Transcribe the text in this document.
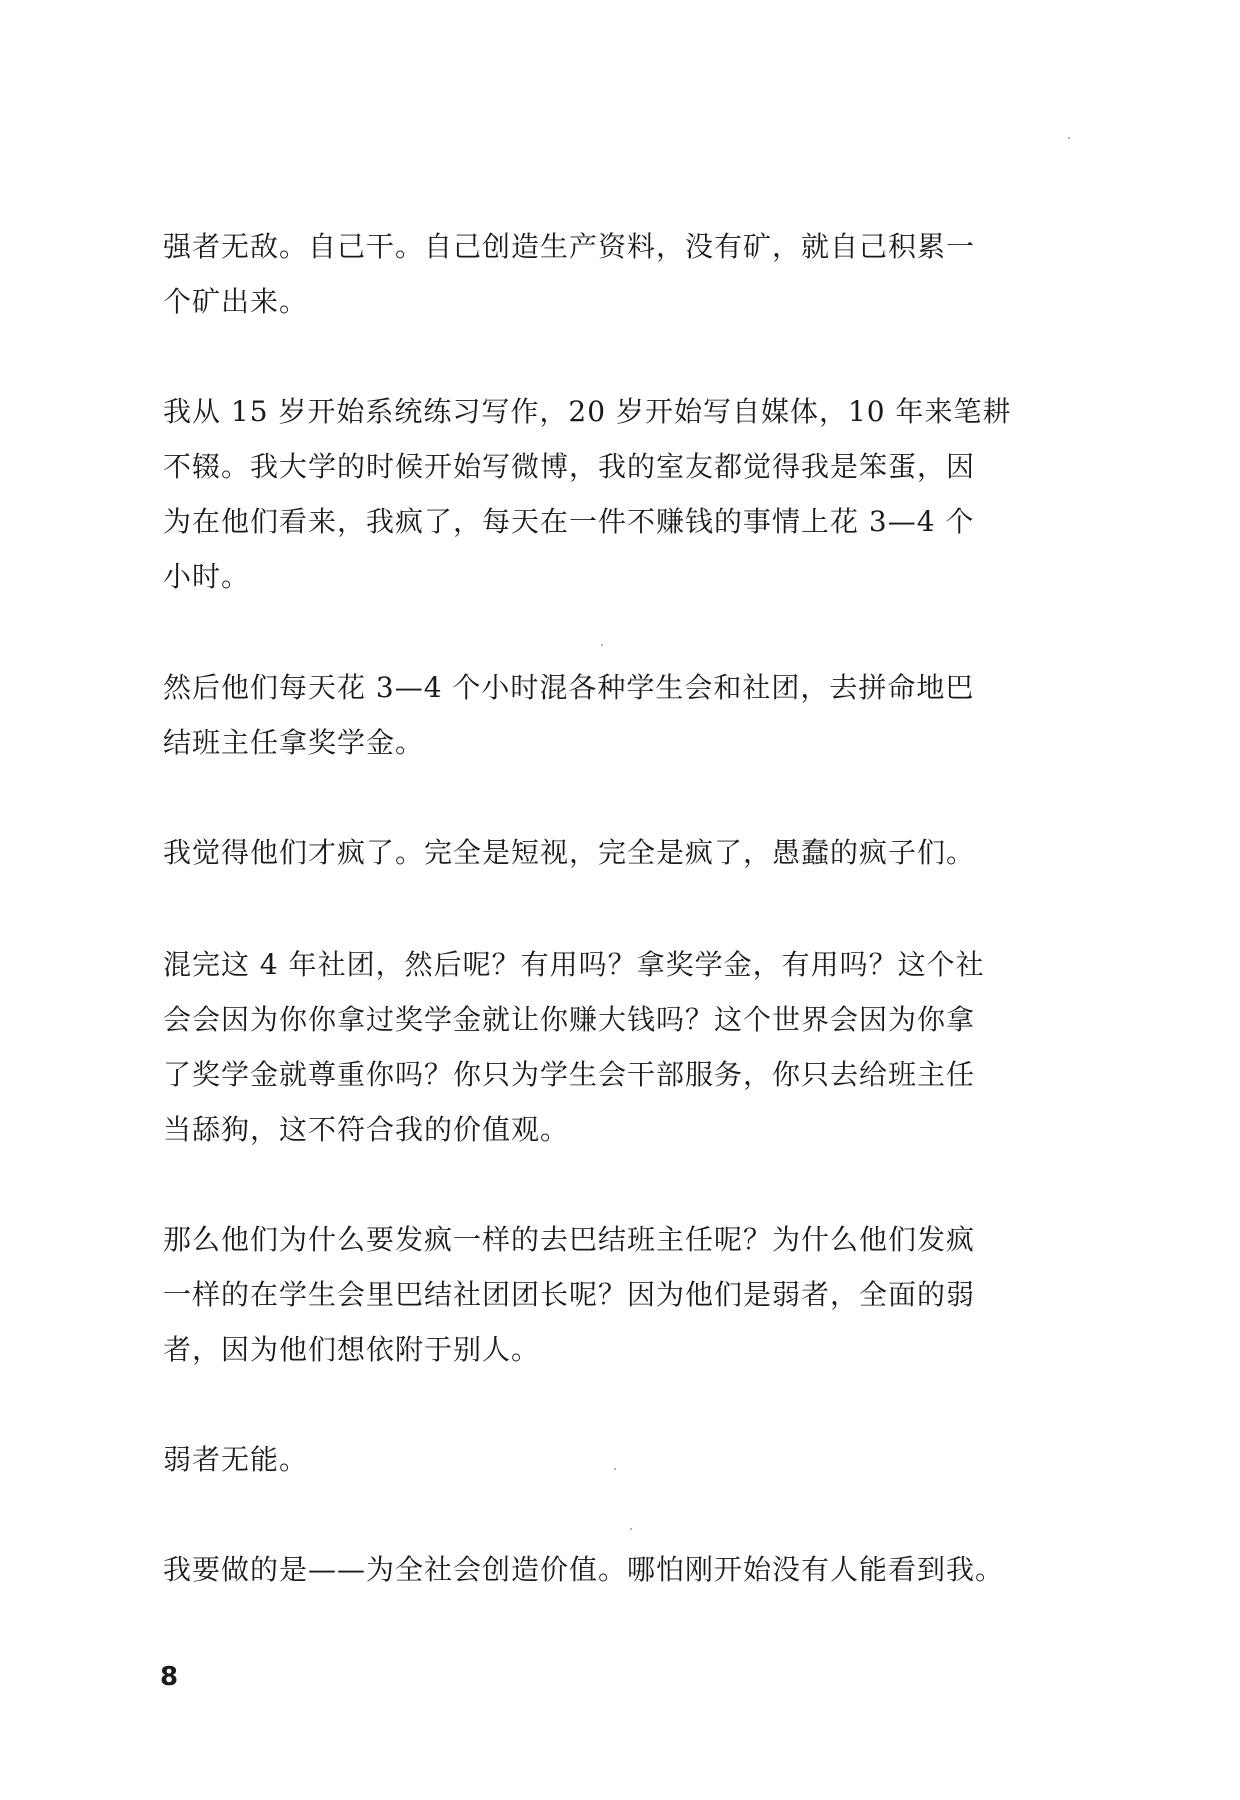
强者无敌。自己干。自己创造生产资料，没有矿，就自己积累一
个矿出来。

我从 15 岁开始系统练习写作，20 岁开始写自媒体，10 年来笔耕
不辍。我大学的时候开始写微博，我的室友都觉得我是笨蛋，因
为在他们看来，我疯了，每天在一件不赚钱的事情上花 3—4 个
小时。

然后他们每天花 3—4 个小时混各种学生会和社团，去拼命地巴
结班主任拿奖学金。

我觉得他们才疯了。完全是短视，完全是疯了，愚蠢的疯子们。

混完这 4 年社团，然后呢？有用吗？拿奖学金，有用吗？这个社
会会因为你你拿过奖学金就让你赚大钱吗？这个世界会因为你拿
了奖学金就尊重你吗？你只为学生会干部服务，你只去给班主任
当舔狗，这不符合我的价值观。

那么他们为什么要发疯一样的去巴结班主任呢？为什么他们发疯
一样的在学生会里巴结社团团长呢？因为他们是弱者，全面的弱
者，因为他们想依附于别人。

弱者无能。

我要做的是——为全社会创造价值。哪怕刚开始没有人能看到我。

8
